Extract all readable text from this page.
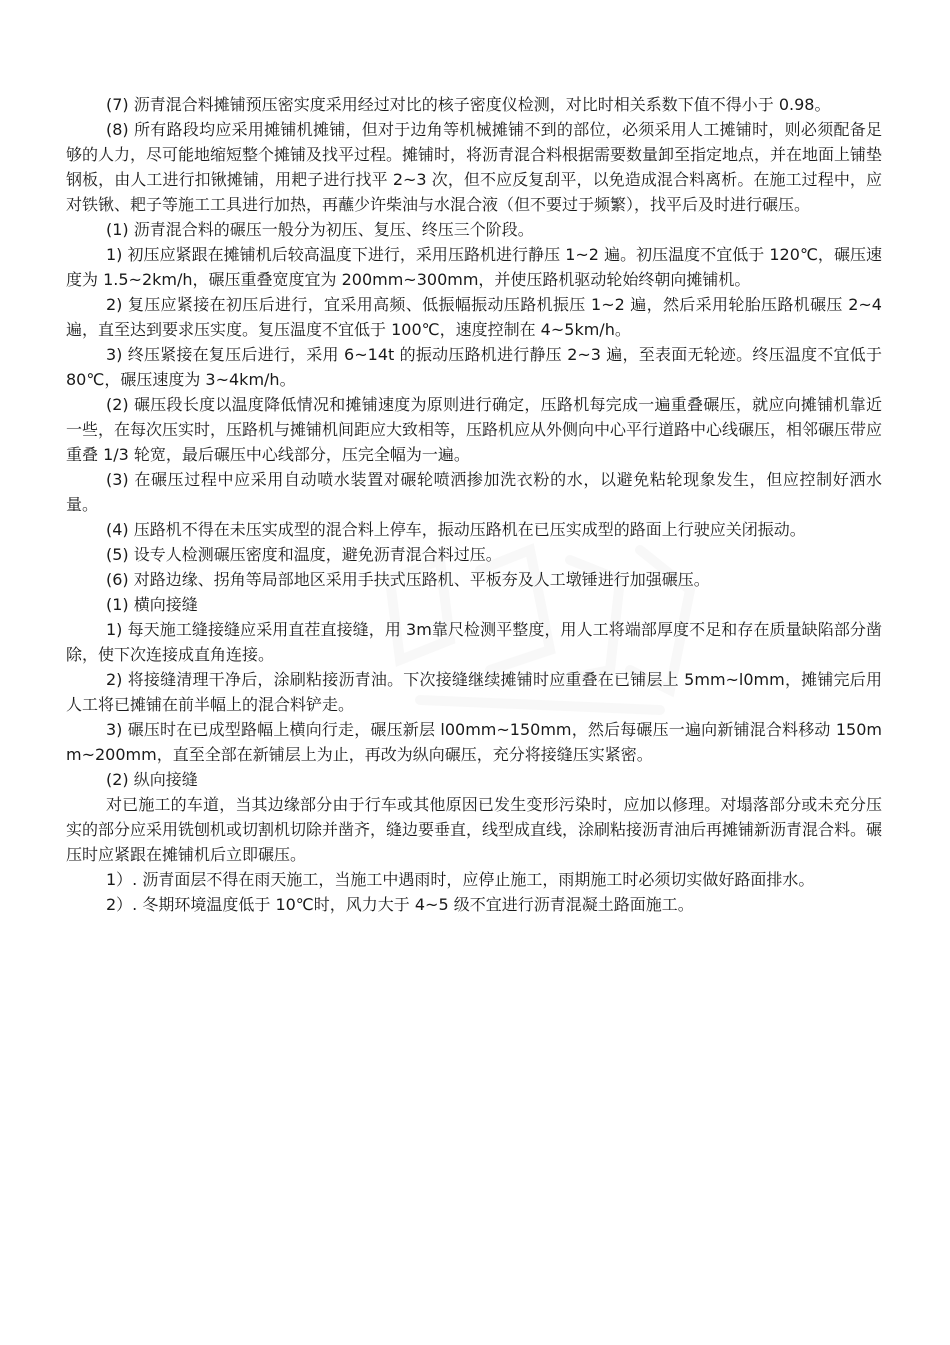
(7) 沥青混合料摊铺预压密实度采用经过对比的核子密度仪检测，对比时相关系数下值不得小于 0.98。

(8) 所有路段均应采用摊铺机摊铺，但对于边角等机械摊铺不到的部位，必须采用人工摊铺时，则必须配备足够的人力，尽可能地缩短整个摊铺及找平过程。摊铺时，将沥青混合料根据需要数量卸至指定地点，并在地面上铺垫钢板，由人工进行扣锹摊铺，用耙子进行找平 2~3 次，但不应反复刮平，以免造成混合料离析。在施工过程中，应对铁锹、耙子等施工工具进行加热，再蘸少许柴油与水混合液（但不要过于频繁），找平后及时进行碾压。

(1) 沥青混合料的碾压一般分为初压、复压、终压三个阶段。

1) 初压应紧跟在摊铺机后较高温度下进行，采用压路机进行静压 1~2 遍。初压温度不宜低于 120℃，碾压速度为 1.5~2km/h，碾压重叠宽度宜为 200mm~300mm，并使压路机驱动轮始终朝向摊铺机。

2) 复压应紧接在初压后进行，宜采用高频、低振幅振动压路机振压 1~2 遍，然后采用轮胎压路机碾压 2~4 遍，直至达到要求压实度。复压温度不宜低于 100℃，速度控制在 4~5km/h。

3) 终压紧接在复压后进行，采用 6~14t 的振动压路机进行静压 2~3 遍，至表面无轮迹。终压温度不宜低于 80℃，碾压速度为 3~4km/h。

(2) 碾压段长度以温度降低情况和摊铺速度为原则进行确定，压路机每完成一遍重叠碾压，就应向摊铺机靠近一些，在每次压实时，压路机与摊铺机间距应大致相等，压路机应从外侧向中心平行道路中心线碾压，相邻碾压带应重叠 1/3 轮宽，最后碾压中心线部分，压完全幅为一遍。

(3) 在碾压过程中应采用自动喷水装置对碾轮喷洒掺加洗衣粉的水，以避免粘轮现象发生，但应控制好洒水量。

(4) 压路机不得在未压实成型的混合料上停车，振动压路机在已压实成型的路面上行驶应关闭振动。

(5) 设专人检测碾压密度和温度，避免沥青混合料过压。

(6) 对路边缘、拐角等局部地区采用手扶式压路机、平板夯及人工墩锤进行加强碾压。

(1) 横向接缝

1) 每天施工缝接缝应采用直茬直接缝，用 3m靠尺检测平整度，用人工将端部厚度不足和存在质量缺陷部分凿除，使下次连接成直角连接。

2) 将接缝清理干净后，涂刷粘接沥青油。下次接缝继续摊铺时应重叠在已铺层上 5mm~l0mm，摊铺完后用人工将已摊铺在前半幅上的混合料铲走。

3) 碾压时在已成型路幅上横向行走，碾压新层 l00mm~150mm，然后每碾压一遍向新铺混合料移动 150mm~200mm，直至全部在新铺层上为止，再改为纵向碾压，充分将接缝压实紧密。

(2) 纵向接缝

对已施工的车道，当其边缘部分由于行车或其他原因已发生变形污染时，应加以修理。对塌落部分或未充分压实的部分应采用铣刨机或切割机切除并凿齐，缝边要垂直，线型成直线，涂刷粘接沥青油后再摊铺新沥青混合料。碾压时应紧跟在摊铺机后立即碾压。

1）. 沥青面层不得在雨天施工，当施工中遇雨时，应停止施工，雨期施工时必须切实做好路面排水。

2）. 冬期环境温度低于 10℃时，风力大于 4~5 级不宜进行沥青混凝土路面施工。
